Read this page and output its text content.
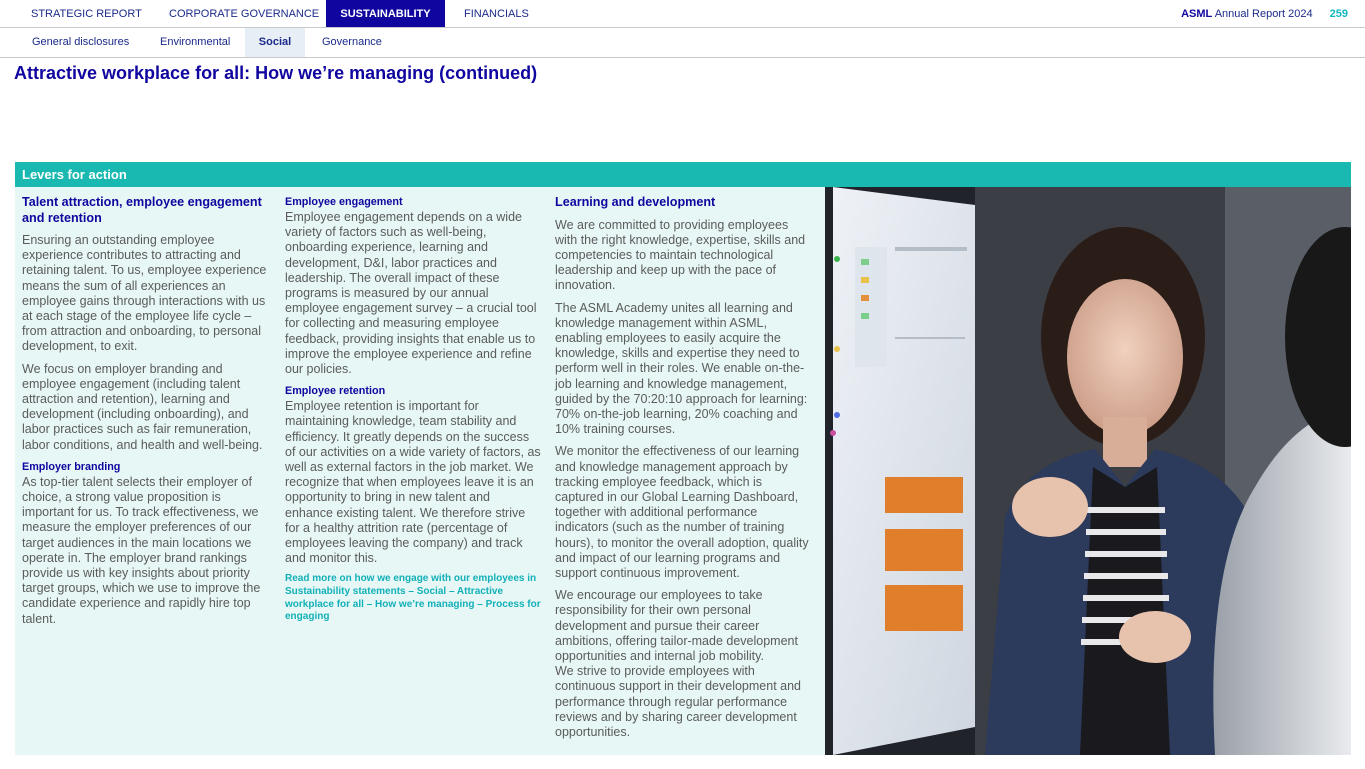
STRATEGIC REPORT CORPORATE GOVERNANCE	SUSTAINABILITY	FINANCIALS	ASML Annual Report 2024 259
General disclosures	Environmental	Social	Governance
Attractive workplace for all: How we’re managing (continued)
Levers for action
Talent attraction, employee engagement and retention

Ensuring an outstanding employee experience contributes to attracting and retaining talent. To us, employee experience means the sum of all experiences an employee gains through interactions with us at each stage of the employee life cycle – from attraction and onboarding, to personal development, to exit.

We focus on employer branding and employee engagement (including talent attraction and retention), learning and development (including onboarding), and labor practices such as fair remuneration, labor conditions, and health and well-being.

Employer branding

As top-tier talent selects their employer of choice, a strong value proposition is important for us. To track effectiveness, we measure the employer preferences of our target audiences in the main locations we operate in. The employer brand rankings provide us with key insights about priority target groups, which we use to improve the candidate experience and rapidly hire top talent.

Employee engagement

Employee engagement depends on a wide variety of factors such as well-being, onboarding experience, learning and development, D&I, labor practices and leadership. The overall impact of these programs is measured by our annual employee engagement survey – a crucial tool for collecting and measuring employee feedback, providing insights that enable us to improve the employee experience and refine our policies.

Employee retention

Employee retention is important for maintaining knowledge, team stability and efficiency. It greatly depends on the success of our activities on a wide variety of factors, as well as external factors in the job market. We recognize that when employees leave it is an opportunity to bring in new talent and enhance existing talent. We therefore strive for a healthy attrition rate (percentage of employees leaving the company) and track and monitor this.

Read more on how we engage with our employees in Sustainability statements – Social – Attractive workplace for all – How we’re managing – Process for engaging
Learning and development

We are committed to providing employees with the right knowledge, expertise, skills and competencies to maintain technological leadership and keep up with the pace of innovation.

The ASML Academy unites all learning and knowledge management within ASML, enabling employees to easily acquire the knowledge, skills and expertise they need to perform well in their roles. We enable on-the-job learning and knowledge management, guided by the 70:20:10 approach for learning: 70% on-the-job learning, 20% coaching and 10% training courses.

We monitor the effectiveness of our learning and knowledge management approach by tracking employee feedback, which is captured in our Global Learning Dashboard, together with additional performance indicators (such as the number of training hours), to monitor the overall adoption, quality and impact of our learning programs and support continuous improvement.

We encourage our employees to take responsibility for their own personal development and pursue their career ambitions, offering tailor-made development opportunities and internal job mobility.

We strive to provide employees with continuous support in their development and performance through regular performance reviews and by sharing career development opportunities.
